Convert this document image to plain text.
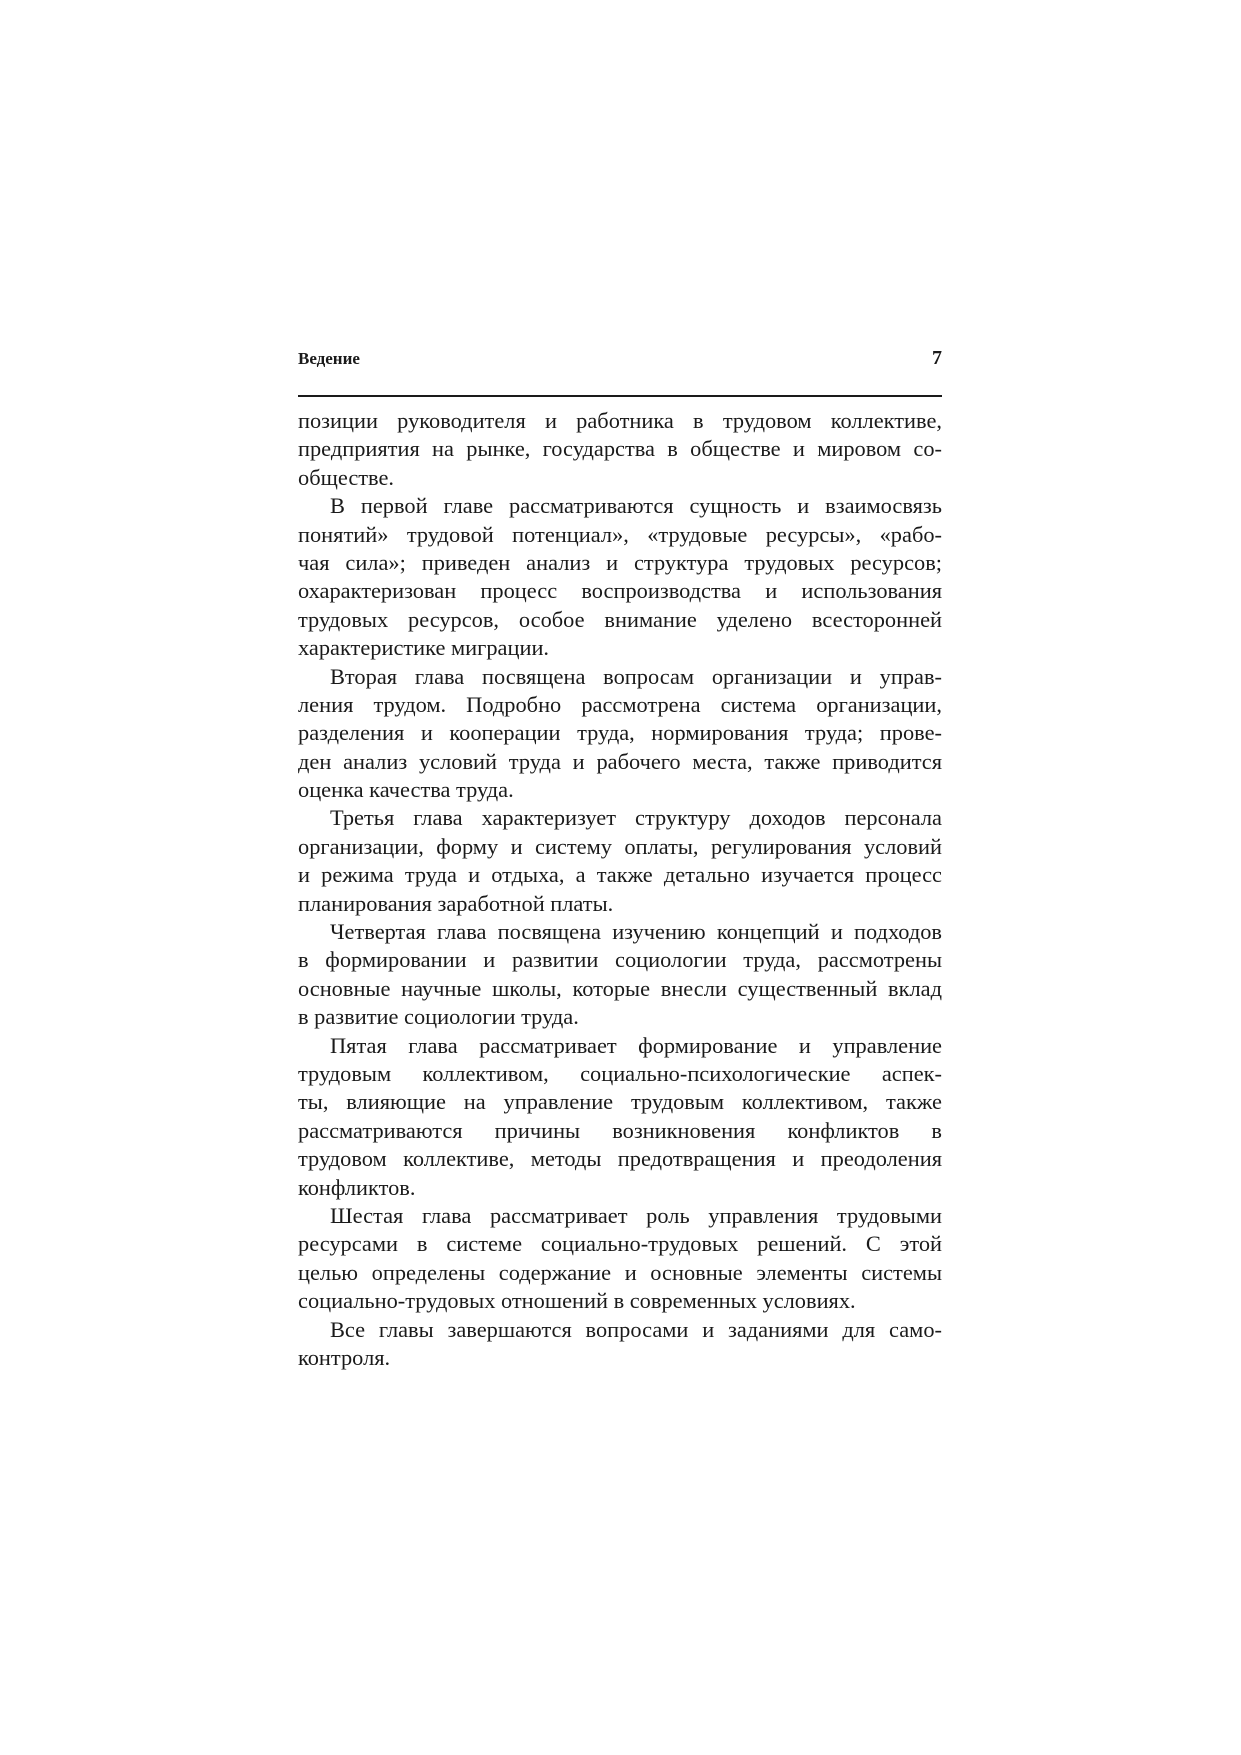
Ведение	7
позиции руководителя и работника в трудовом коллективе,
предприятия на рынке, государства в обществе и мировом со-
обществе.
В первой главе рассматриваются сущность и взаимосвязь
понятий» трудовой потенциал», «трудовые ресурсы», «рабо-
чая сила»; приведен анализ и структура трудовых ресурсов;
охарактеризован процесс воспроизводства и использования
трудовых ресурсов, особое внимание уделено всесторонней
характеристике миграции.
Вторая глава посвящена вопросам организации и управ-
ления трудом. Подробно рассмотрена система организации,
разделения и кооперации труда, нормирования труда; прове-
ден анализ условий труда и рабочего места, также приводится
оценка качества труда.
Третья глава характеризует структуру доходов персонала
организации, форму и систему оплаты, регулирования условий
и режима труда и отдыха, а также детально изучается процесс
планирования заработной платы.
Четвертая глава посвящена изучению концепций и подходов
в формировании и развитии социологии труда, рассмотрены
основные научные школы, которые внесли существенный вклад
в развитие социологии труда.
Пятая глава рассматривает формирование и управление
трудовым коллективом, социально-психологические аспек-
ты, влияющие на управление трудовым коллективом, также
рассматриваются причины возникновения конфликтов в
трудовом коллективе, методы предотвращения и преодоления
конфликтов.
Шестая глава рассматривает роль управления трудовыми
ресурсами в системе социально-трудовых решений. С этой
целью определены содержание и основные элементы системы
социально-трудовых отношений в современных условиях.
Все главы завершаются вопросами и заданиями для само-
контроля.
